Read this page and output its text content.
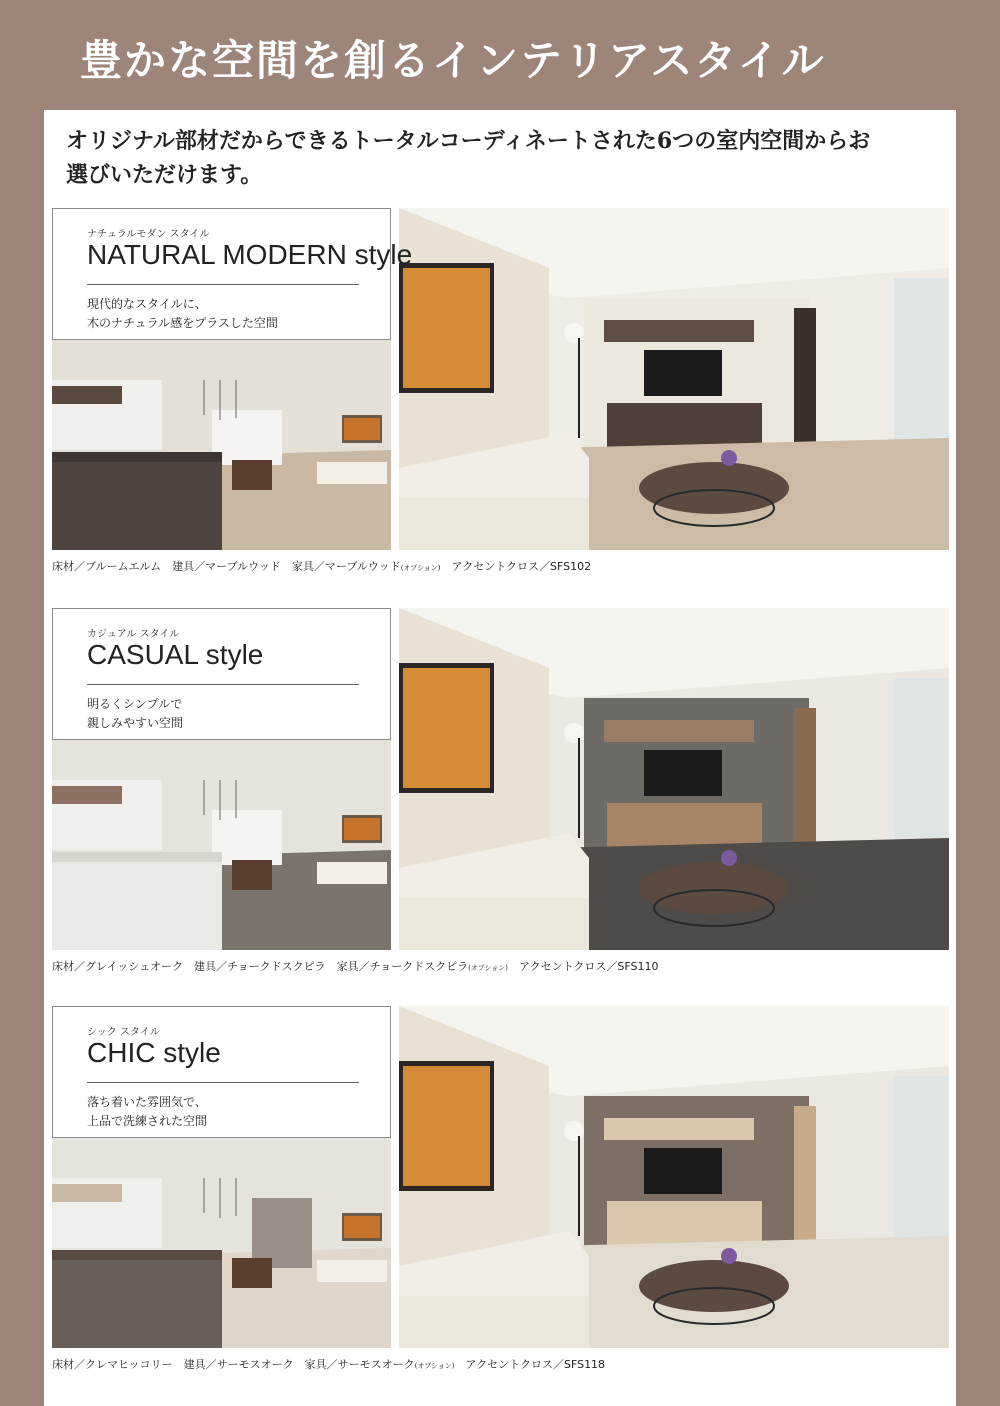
豊かな空間を創るインテリアスタイル
オリジナル部材だからできるトータルコーディネートされた6つの室内空間からお
選びいただけます。
ナチュラルモダン スタイル
NATURAL MODERN style
現代的なスタイルに、
木のナチュラル感をプラスした空間
床材／ブルームエルム　建具／マーブルウッド　家具／マーブルウッド(オプション)　アクセントクロス／SFS102
カジュアル スタイル
CASUAL style
明るくシンプルで
親しみやすい空間
床材／グレイッシュオーク　建具／チョークドスクピラ　家具／チョークドスクピラ(オプション)　アクセントクロス／SFS110
シック スタイル
CHIC style
落ち着いた雰囲気で、
上品で洗練された空間
床材／クレマヒッコリー　建具／サーモスオーク　家具／サーモスオーク(オプション)　アクセントクロス／SFS118
